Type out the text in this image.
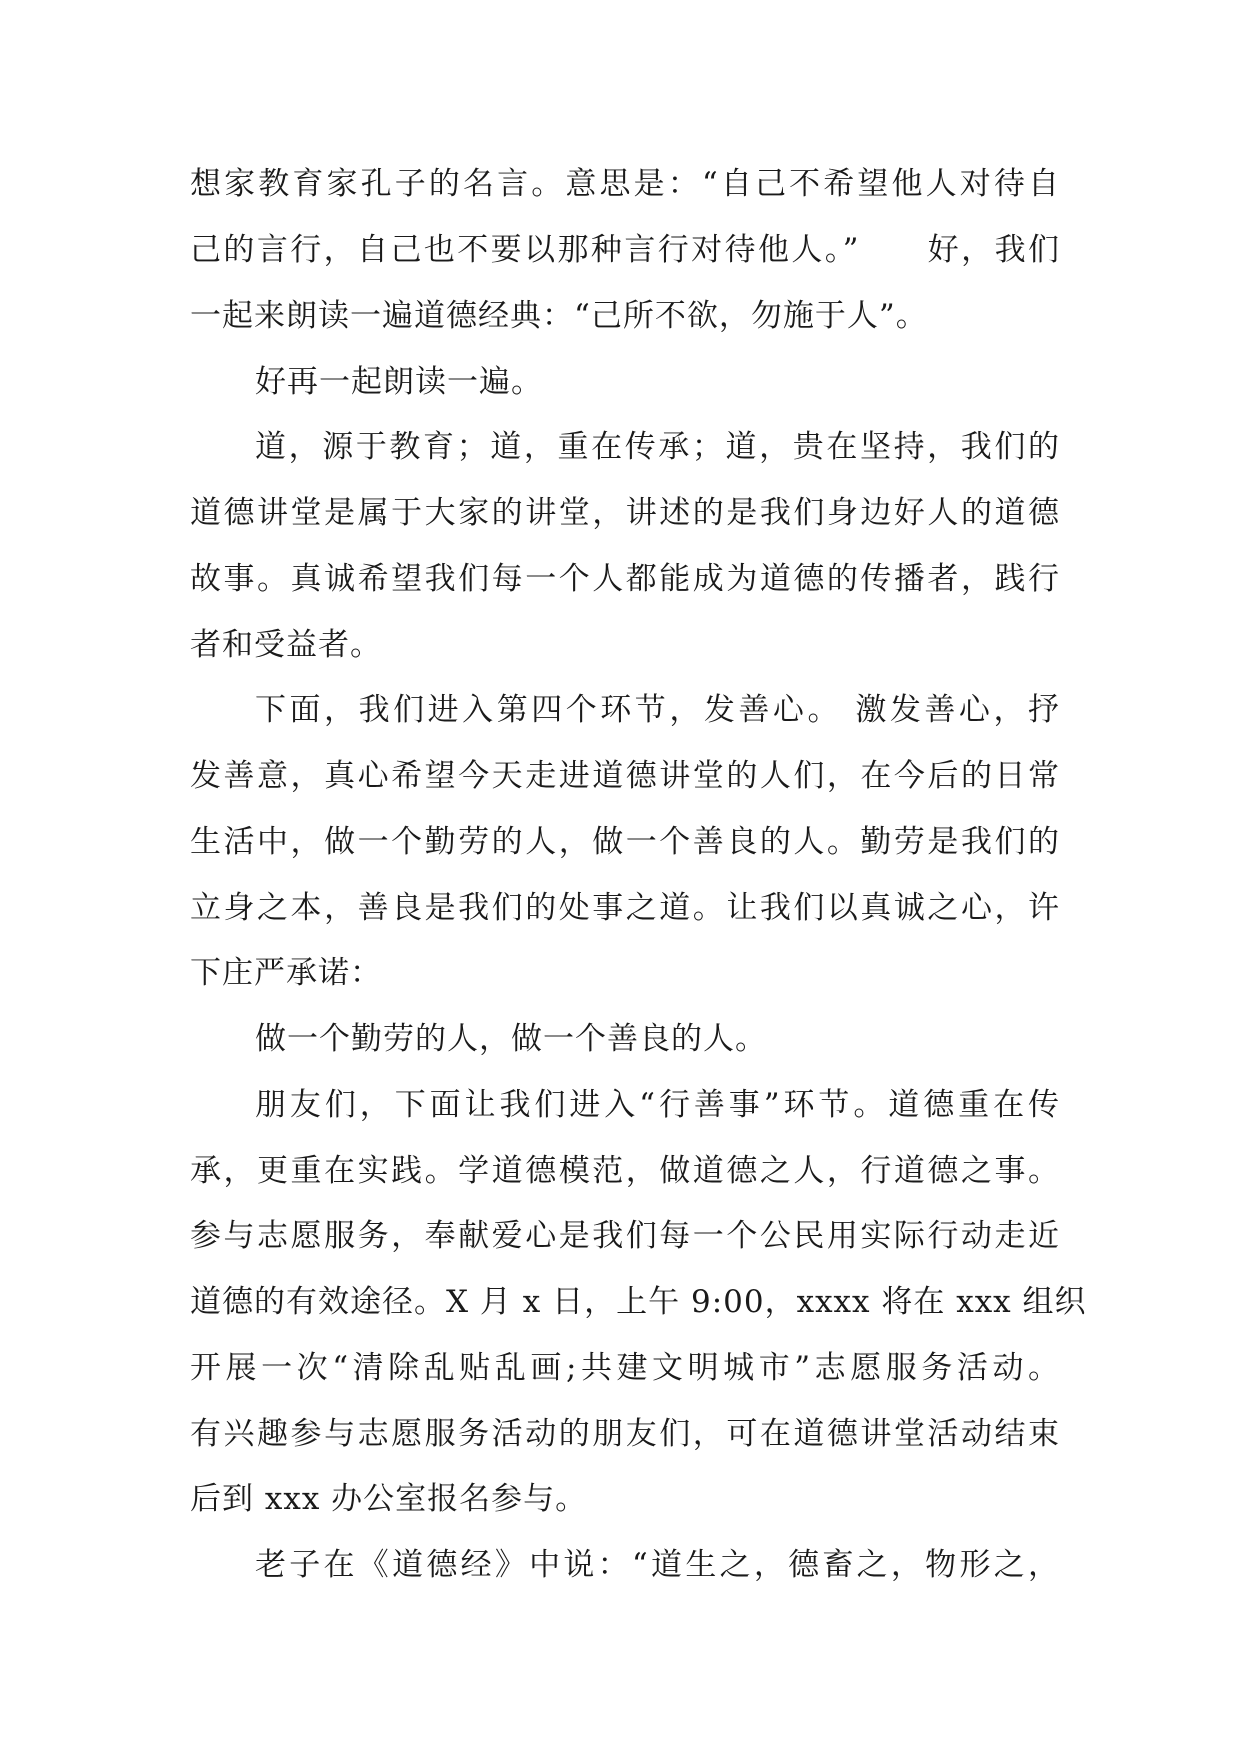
想家教育家孔子的名言。意思是：“自己不希望他人对待自
己的言行，自己也不要以那种言行对待他人。”　　好，我们
一起来朗读一遍道德经典：“己所不欲，勿施于人”。
好再一起朗读一遍。
道，源于教育；道，重在传承；道，贵在坚持，我们的
道德讲堂是属于大家的讲堂，讲述的是我们身边好人的道德
故事。真诚希望我们每一个人都能成为道德的传播者，践行
者和受益者。
下面，我们进入第四个环节，发善心。 激发善心，抒
发善意，真心希望今天走进道德讲堂的人们，在今后的日常
生活中，做一个勤劳的人，做一个善良的人。勤劳是我们的
立身之本，善良是我们的处事之道。让我们以真诚之心，许
下庄严承诺：
做一个勤劳的人，做一个善良的人。
朋友们，下面让我们进入“行善事”环节。道德重在传
承，更重在实践。学道德模范，做道德之人，行道德之事。
参与志愿服务，奉献爱心是我们每一个公民用实际行动走近
道德的有效途径。X 月 x 日，上午 9:00，xxxx 将在 xxx 组织
开展一次“清除乱贴乱画;共建文明城市”志愿服务活动。
有兴趣参与志愿服务活动的朋友们，可在道德讲堂活动结束
后到 xxx 办公室报名参与。
老子在《道德经》中说：“道生之，德畜之，物形之，
